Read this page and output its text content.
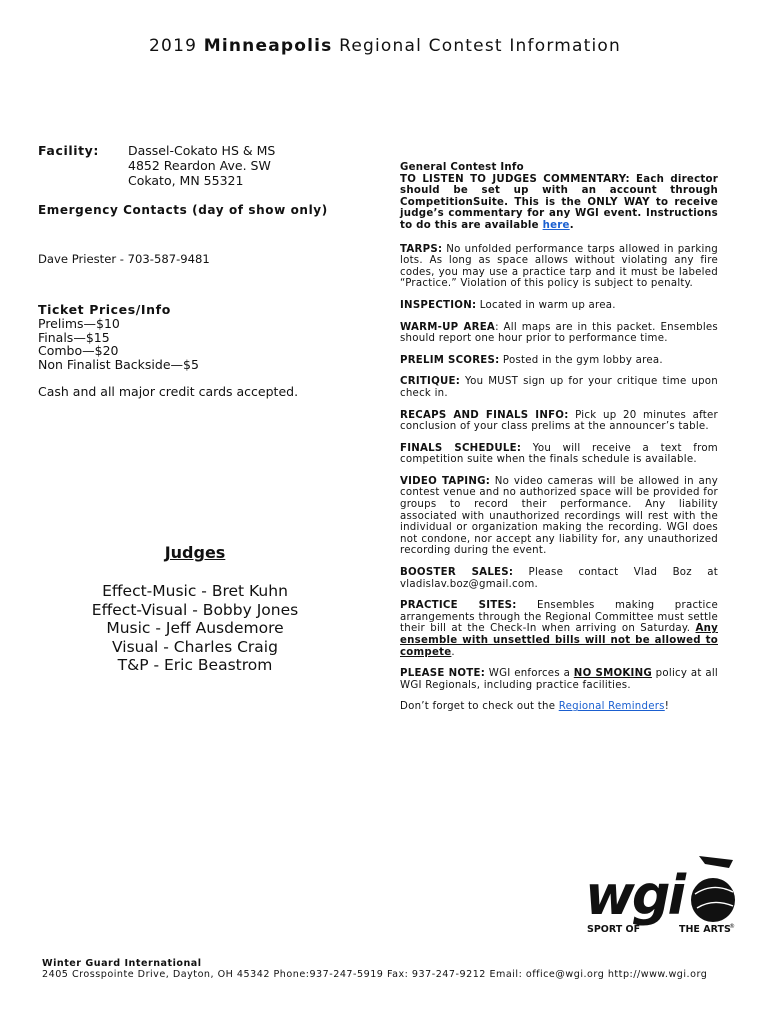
2019 Minneapolis Regional Contest Information
Facility: Dassel-Cokato HS & MS
4852 Reardon Ave. SW
Cokato, MN 55321
Emergency Contacts (day of show only)
Dave Priester - 703-587-9481
Ticket Prices/Info
Prelims—$10
Finals—$15
Combo—$20
Non Finalist Backside—$5
Cash and all major credit cards accepted.
Judges
Effect-Music - Bret Kuhn
Effect-Visual - Bobby Jones
Music - Jeff Ausdemore
Visual - Charles Craig
T&P - Eric Beastrom

General Contest Info
TO LISTEN TO JUDGES COMMENTARY: Each director should be set up with an account through CompetitionSuite. This is the ONLY WAY to receive judge’s commentary for any WGI event. Instructions to do this are available here.

TARPS: No unfolded performance tarps allowed in parking lots. As long as space allows without violating any fire codes, you may use a practice tarp and it must be labeled “Practice.” Violation of this policy is subject to penalty.

INSPECTION: Located in warm up area.

WARM-UP AREA: All maps are in this packet. Ensembles should report one hour prior to performance time.

PRELIM SCORES: Posted in the gym lobby area.

CRITIQUE: You MUST sign up for your critique time upon check in.

RECAPS AND FINALS INFO: Pick up 20 minutes after conclusion of your class prelims at the announcer’s table.

FINALS SCHEDULE: You will receive a text from competition suite when the finals schedule is available.

VIDEO TAPING: No video cameras will be allowed in any contest venue and no authorized space will be provided for groups to record their performance. Any liability associated with unauthorized recordings will rest with the individual or organization making the recording. WGI does not condone, nor accept any liability for, any unauthorized recording during the event.

BOOSTER SALES: Please contact Vlad Boz at vladislav.boz@gmail.com.

PRACTICE SITES: Ensembles making practice arrangements through the Regional Committee must settle their bill at the Check-In when arriving on Saturday. Any ensemble with unsettled bills will not be allowed to compete.

PLEASE NOTE: WGI enforces a NO SMOKING policy at all WGI Regionals, including practice facilities.

Don’t forget to check out the Regional Reminders!

wgi
SPORT OF	THE ARTS
®
Winter Guard International
2405 Crosspointe Drive, Dayton, OH 45342 Phone:937-247-5919 Fax: 937-247-9212 Email: office@wgi.org http://www.wgi.org
